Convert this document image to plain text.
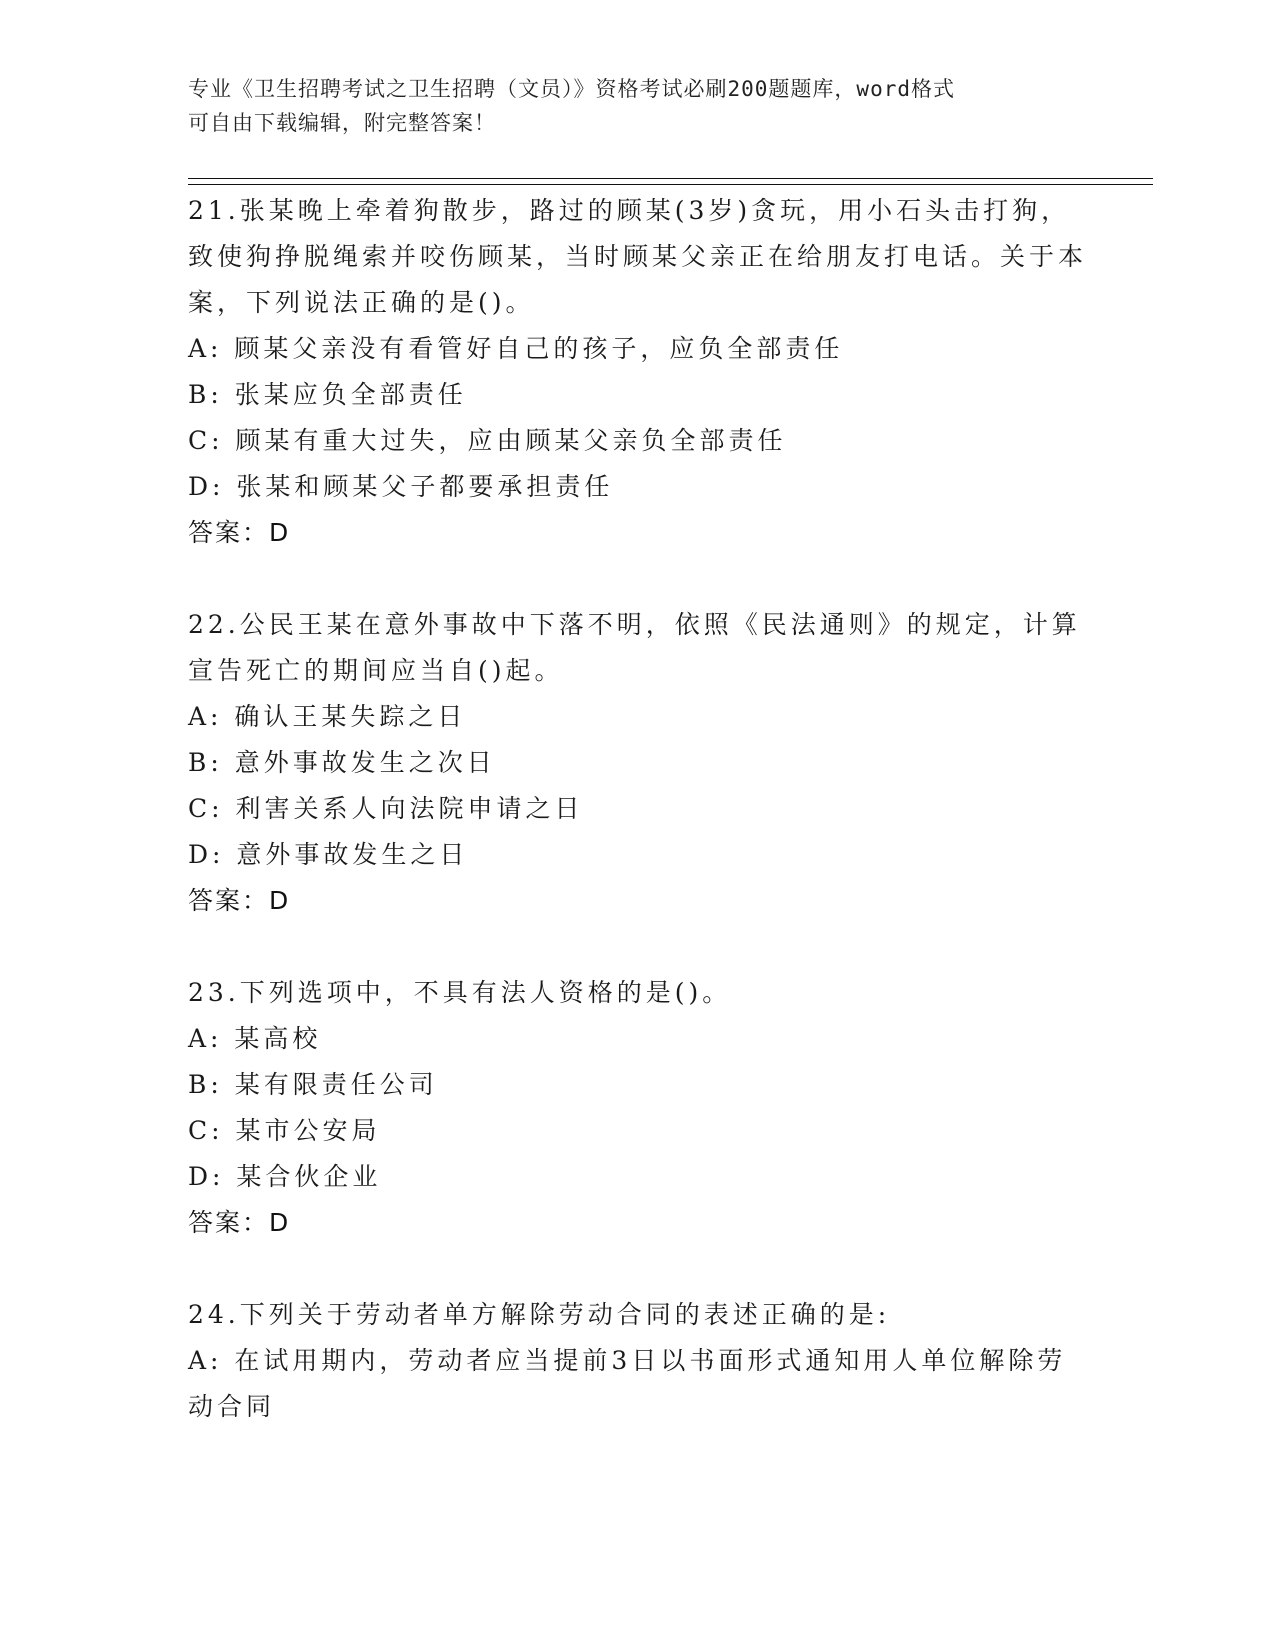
专业《卫生招聘考试之卫生招聘（文员）》资格考试必刷200题题库，word格式

可自由下载编辑，附完整答案！

21.张某晚上牵着狗散步，路过的顾某(3岁)贪玩，用小石头击打狗，致使狗挣脱绳索并咬伤顾某，当时顾某父亲正在给朋友打电话。关于本案，下列说法正确的是()。

A: 顾某父亲没有看管好自己的孩子，应负全部责任

B: 张某应负全部责任

C: 顾某有重大过失，应由顾某父亲负全部责任

D: 张某和顾某父子都要承担责任

答案：D

22.公民王某在意外事故中下落不明，依照《民法通则》的规定，计算宣告死亡的期间应当自()起。

A: 确认王某失踪之日

B: 意外事故发生之次日

C: 利害关系人向法院申请之日

D: 意外事故发生之日

答案：D

23.下列选项中，不具有法人资格的是()。

A: 某高校

B: 某有限责任公司

C: 某市公安局

D: 某合伙企业

答案：D

24.下列关于劳动者单方解除劳动合同的表述正确的是:

A: 在试用期内，劳动者应当提前3日以书面形式通知用人单位解除劳动合同
